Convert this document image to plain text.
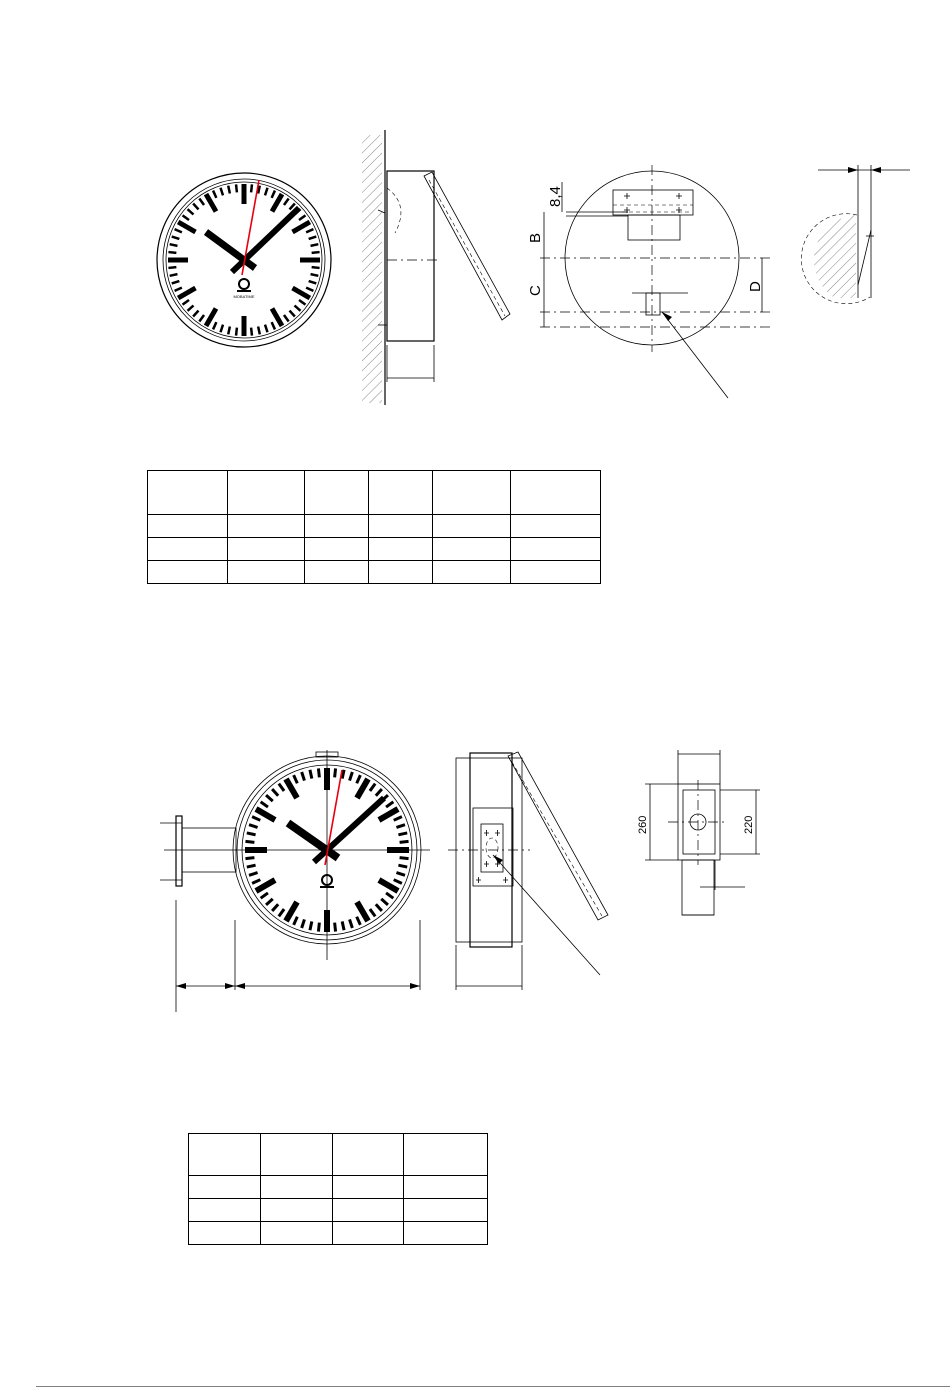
MOBATIME
8,4
B
C	D
260	220
